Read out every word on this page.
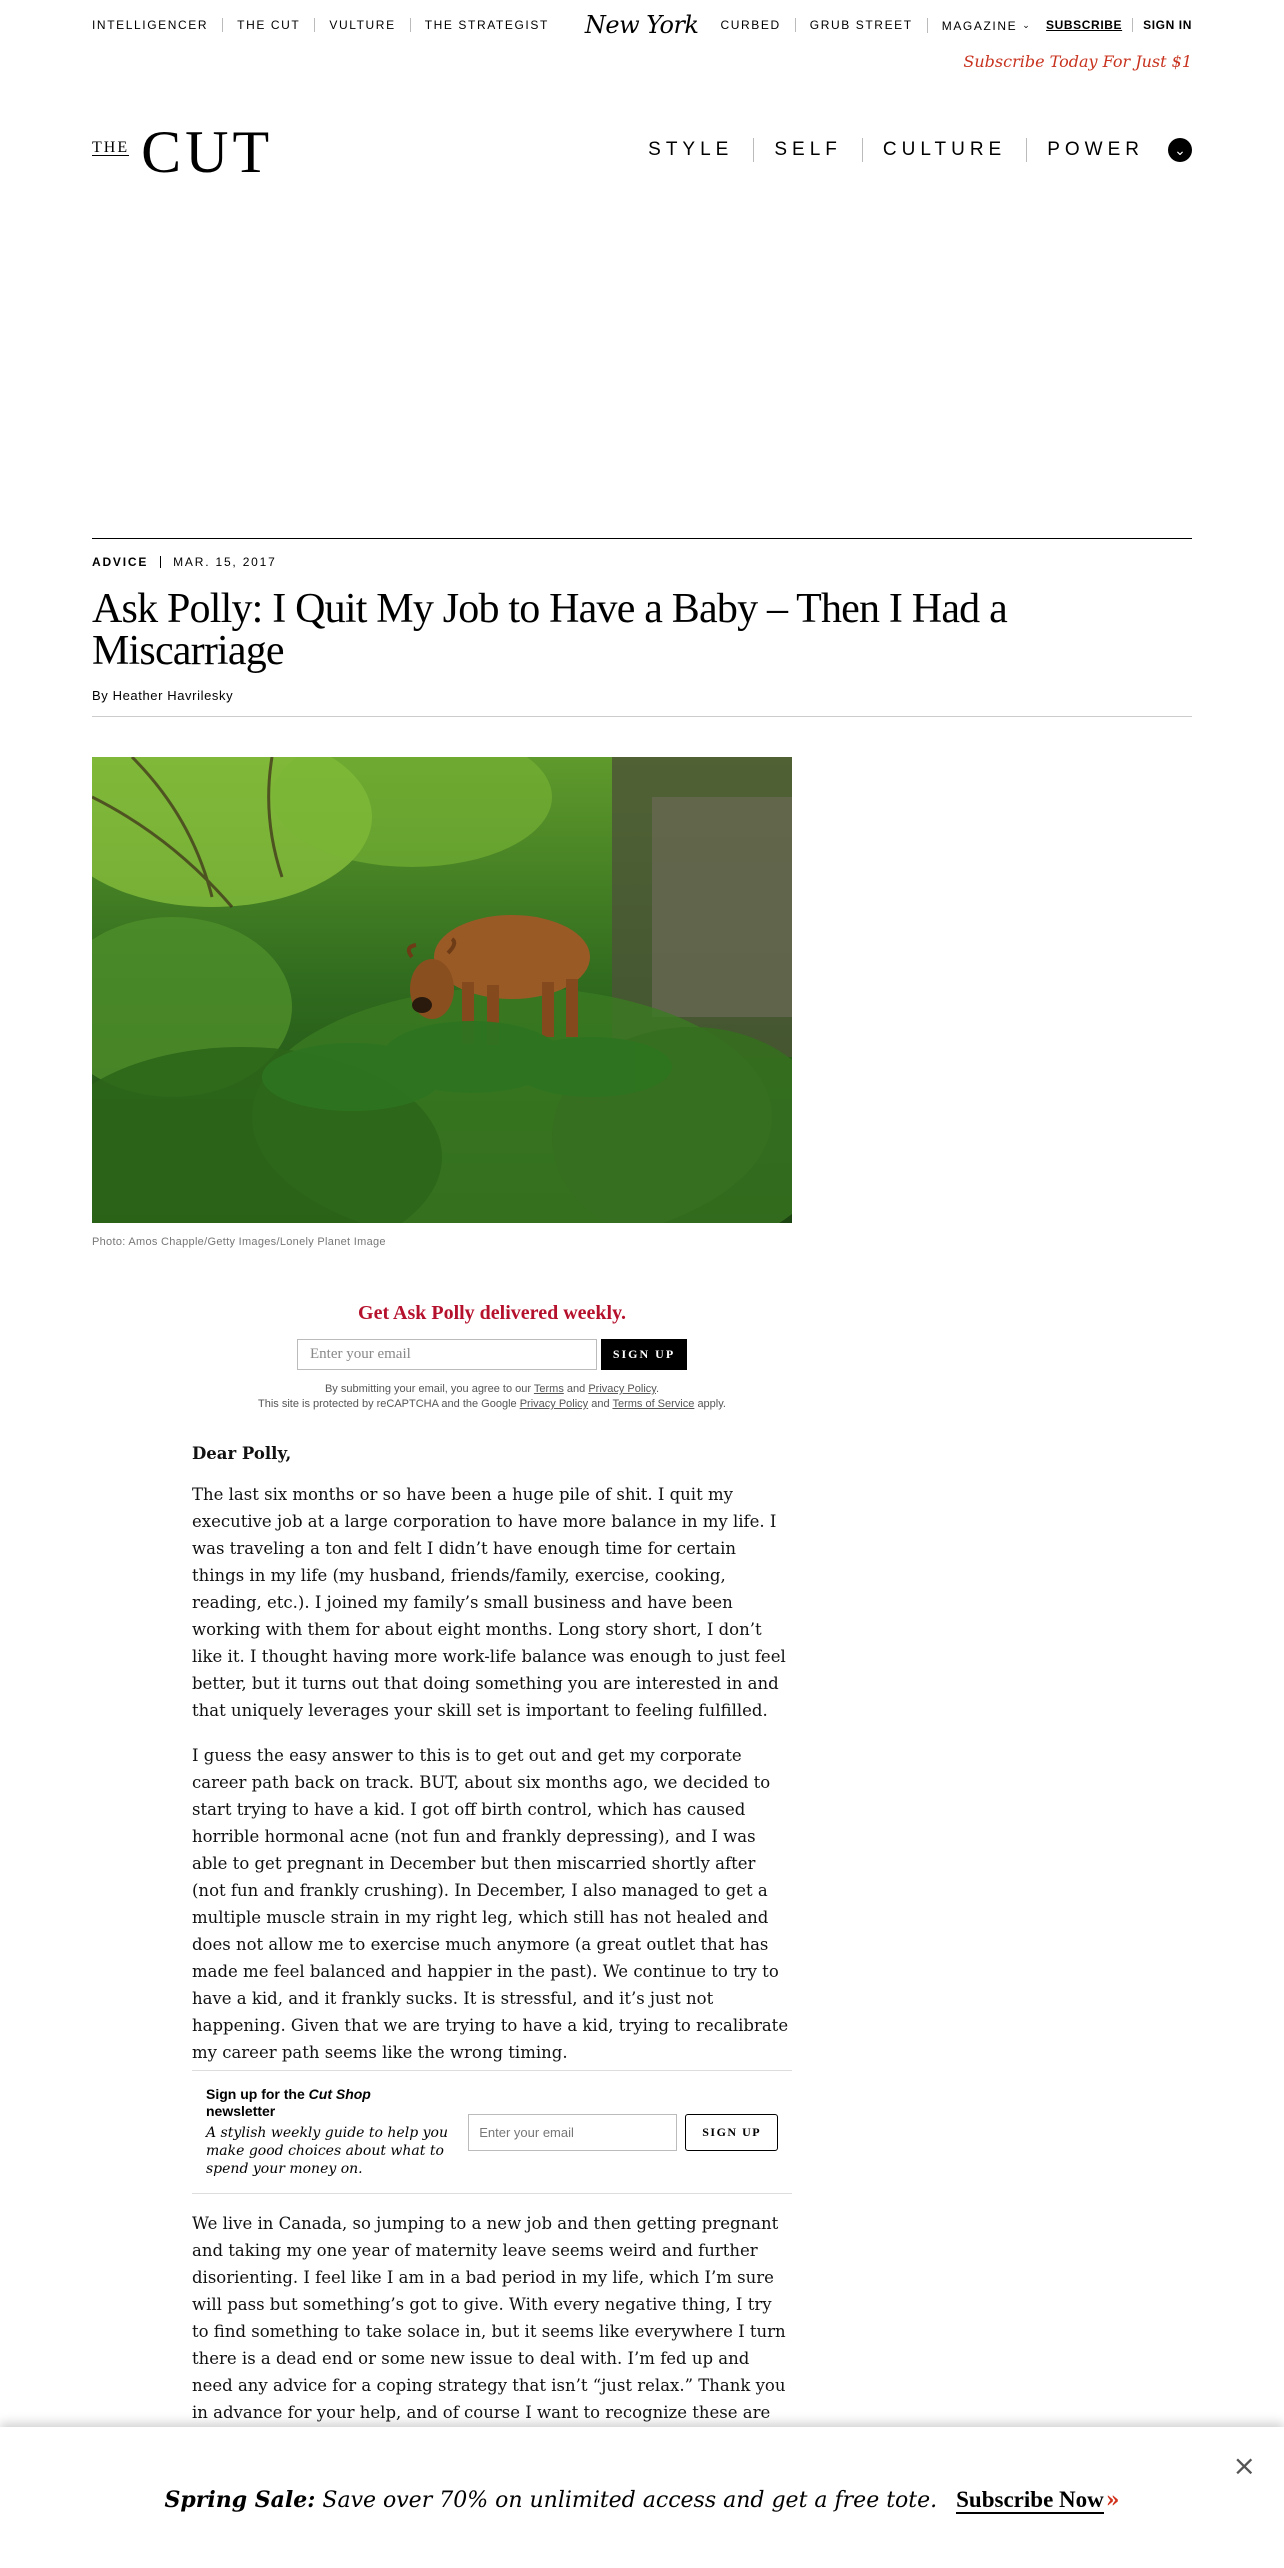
INTELLIGENCER	THE CUT	VULTURE	THE STRATEGIST	New York CURBED	GRUB STREET	MAGAZINE ⌄	SUBSCRIBE	SIGN IN
Subscribe Today For Just $1
THE CUT	STYLE	SELF	CULTURE	POWER	⌄
ADVICE	MAR. 15, 2017
Ask Polly: I Quit My Job to Have a Baby – Then I Had a Miscarriage
By Heather Havrilesky
Photo: Amos Chapple/Getty Images/Lonely Planet Image
Get Ask Polly delivered weekly.
Enter your email
SIGN UP
By submitting your email, you agree to our Terms and Privacy Policy.
This site is protected by reCAPTCHA and the Google Privacy Policy and Terms of Service apply.

Dear Polly,

The last six months or so have been a huge pile of shit. I quit my executive job at a large corporation to have more balance in my life. I was traveling a ton and felt I didn’t have enough time for certain things in my life (my husband, friends/family, exercise, cooking, reading, etc.). I joined my family’s small business and have been working with them for about eight months. Long story short, I don’t like it. I thought having more work-life balance was enough to just feel better, but it turns out that doing something you are interested in and that uniquely leverages your skill set is important to feeling fulfilled.

I guess the easy answer to this is to get out and get my corporate career path back on track. BUT, about six months ago, we decided to start trying to have a kid. I got off birth control, which has caused horrible hormonal acne (not fun and frankly depressing), and I was able to get pregnant in December but then miscarried shortly after (not fun and frankly crushing). In December, I also managed to get a multiple muscle strain in my right leg, which still has not healed and does not allow me to exercise much anymore (a great outlet that has made me feel balanced and happier in the past). We continue to try to have a kid, and it frankly sucks. It is stressful, and it’s just not happening. Given that we are trying to have a kid, trying to recalibrate my career path seems like the wrong timing.

Sign up for the Cut Shop
newsletter
A stylish weekly guide to help you make good choices about what to spend your money on.
Enter your email
SIGN UP

We live in Canada, so jumping to a new job and then getting pregnant and taking my one year of maternity leave seems weird and further disorienting. I feel like I am in a bad period in my life, which I’m sure will pass but something’s got to give. With every negative thing, I try to find something to take solace in, but it seems like everywhere I turn there is a dead end or some new issue to deal with. I’m fed up and need any advice for a coping strategy that isn’t “just relax.” Thank you in advance for your help, and of course I want to recognize these are

×
Spring Sale: Save over 70% on unlimited access and get a free tote. Subscribe Now»
